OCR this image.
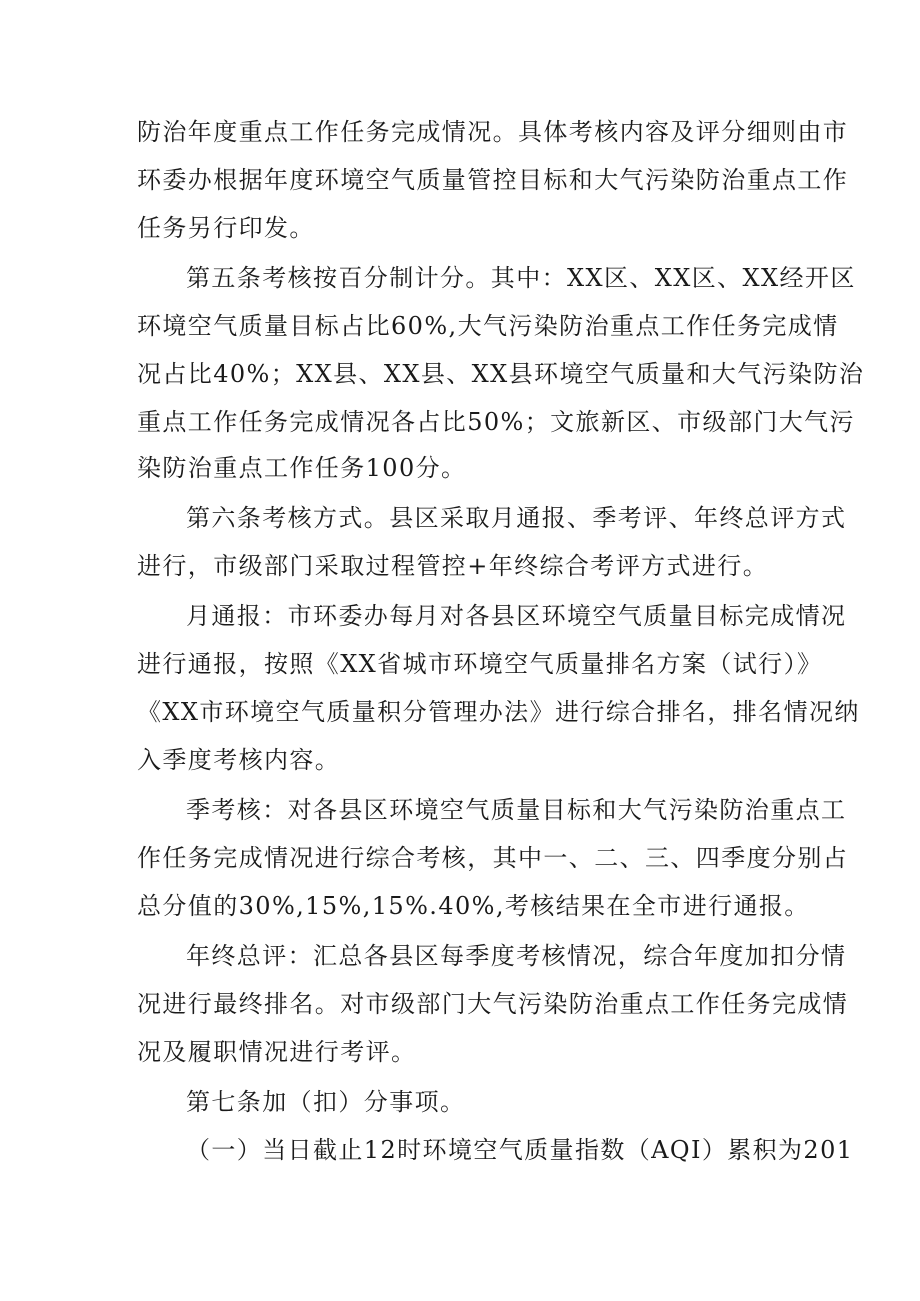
防治年度重点工作任务完成情况。具体考核内容及评分细则由市
环委办根据年度环境空气质量管控目标和大气污染防治重点工作
任务另行印发。
第五条考核按百分制计分。其中：XX区、XX区、XX经开区
环境空气质量目标占比60%,大气污染防治重点工作任务完成情
况占比40%；XX县、XX县、XX县环境空气质量和大气污染防治
重点工作任务完成情况各占比50%；文旅新区、市级部门大气污
染防治重点工作任务100分。
第六条考核方式。县区采取月通报、季考评、年终总评方式
进行，市级部门采取过程管控+年终综合考评方式进行。
月通报：市环委办每月对各县区环境空气质量目标完成情况
进行通报，按照《XX省城市环境空气质量排名方案（试行）》
《XX市环境空气质量积分管理办法》进行综合排名，排名情况纳
入季度考核内容。
季考核：对各县区环境空气质量目标和大气污染防治重点工
作任务完成情况进行综合考核，其中一、二、三、四季度分别占
总分值的30%,15%,15%.40%,考核结果在全市进行通报。
年终总评：汇总各县区每季度考核情况，综合年度加扣分情
况进行最终排名。对市级部门大气污染防治重点工作任务完成情
况及履职情况进行考评。
第七条加（扣）分事项。
（一）当日截止12时环境空气质量指数（AQI）累积为201
